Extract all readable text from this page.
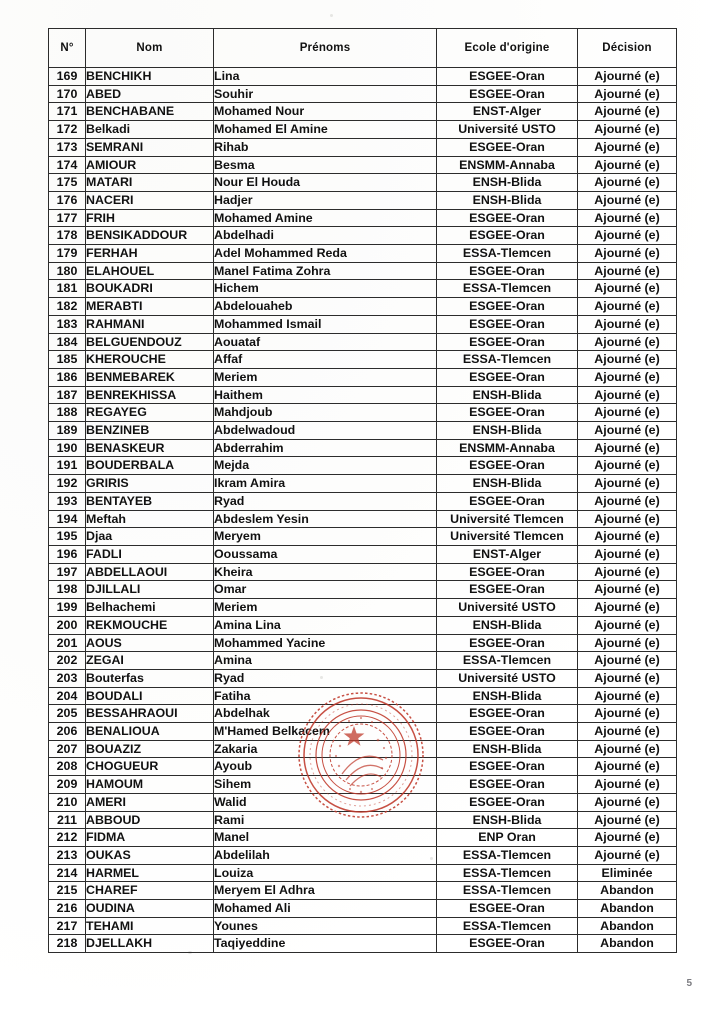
N°	Nom	Prénoms	Ecole d'origine	Décision
169	BENCHIKH	Lina	ESGEE-Oran	Ajourné (e)
170	ABED	Souhir	ESGEE-Oran	Ajourné (e)
171	BENCHABANE	Mohamed Nour	ENST-Alger	Ajourné (e)
172	Belkadi	Mohamed El Amine	Université USTO	Ajourné (e)
173	SEMRANI	Rihab	ESGEE-Oran	Ajourné (e)
174	AMIOUR	Besma	ENSMM-Annaba	Ajourné (e)
175	MATARI	Nour El Houda	ENSH-Blida	Ajourné (e)
176	NACERI	Hadjer	ENSH-Blida	Ajourné (e)
177	FRIH	Mohamed Amine	ESGEE-Oran	Ajourné (e)
178	BENSIKADDOUR	Abdelhadi	ESGEE-Oran	Ajourné (e)
179	FERHAH	Adel Mohammed Reda	ESSA-Tlemcen	Ajourné (e)
180	ELAHOUEL	Manel Fatima Zohra	ESGEE-Oran	Ajourné (e)
181	BOUKADRI	Hichem	ESSA-Tlemcen	Ajourné (e)
182	MERABTI	Abdelouaheb	ESGEE-Oran	Ajourné (e)
183	RAHMANI	Mohammed Ismail	ESGEE-Oran	Ajourné (e)
184	BELGUENDOUZ	Aouataf	ESGEE-Oran	Ajourné (e)
185	KHEROUCHE	Affaf	ESSA-Tlemcen	Ajourné (e)
186	BENMEBAREK	Meriem	ESGEE-Oran	Ajourné (e)
187	BENREKHISSA	Haithem	ENSH-Blida	Ajourné (e)
188	REGAYEG	Mahdjoub	ESGEE-Oran	Ajourné (e)
189	BENZINEB	Abdelwadoud	ENSH-Blida	Ajourné (e)
190	BENASKEUR	Abderrahim	ENSMM-Annaba	Ajourné (e)
191	BOUDERBALA	Mejda	ESGEE-Oran	Ajourné (e)
192	GRIRIS	Ikram Amira	ENSH-Blida	Ajourné (e)
193	BENTAYEB	Ryad	ESGEE-Oran	Ajourné (e)
194	Meftah	Abdeslem Yesin	Université Tlemcen	Ajourné (e)
195	Djaa	Meryem	Université Tlemcen	Ajourné (e)
196	FADLI	Ooussama	ENST-Alger	Ajourné (e)
197	ABDELLAOUI	Kheira	ESGEE-Oran	Ajourné (e)
198	DJILLALI	Omar	ESGEE-Oran	Ajourné (e)
199	Belhachemi	Meriem	Université USTO	Ajourné (e)
200	REKMOUCHE	Amina Lina	ENSH-Blida	Ajourné (e)
201	AOUS	Mohammed Yacine	ESGEE-Oran	Ajourné (e)
202	ZEGAI	Amina	ESSA-Tlemcen	Ajourné (e)
203	Bouterfas	Ryad	Université USTO	Ajourné (e)
204	BOUDALI	Fatiha	ENSH-Blida	Ajourné (e)
205	BESSAHRAOUI	Abdelhak	ESGEE-Oran	Ajourné (e)
206	BENALIOUA	M'Hamed Belkacem	ESGEE-Oran	Ajourné (e)
207	BOUAZIZ	Zakaria	ENSH-Blida	Ajourné (e)
208	CHOGUEUR	Ayoub	ESGEE-Oran	Ajourné (e)
209	HAMOUM	Sihem	ESGEE-Oran	Ajourné (e)
210	AMERI	Walid	ESGEE-Oran	Ajourné (e)
211	ABBOUD	Rami	ENSH-Blida	Ajourné (e)
212	FIDMA	Manel	ENP Oran	Ajourné (e)
213	OUKAS	Abdelilah	ESSA-Tlemcen	Ajourné (e)
214	HARMEL	Louiza	ESSA-Tlemcen	Eliminée
215	CHAREF	Meryem El Adhra	ESSA-Tlemcen	Abandon
216	OUDINA	Mohamed Ali	ESGEE-Oran	Abandon
217	TEHAMI	Younes	ESSA-Tlemcen	Abandon
218	DJELLAKH	Taqiyeddine	ESGEE-Oran	Abandon
5
